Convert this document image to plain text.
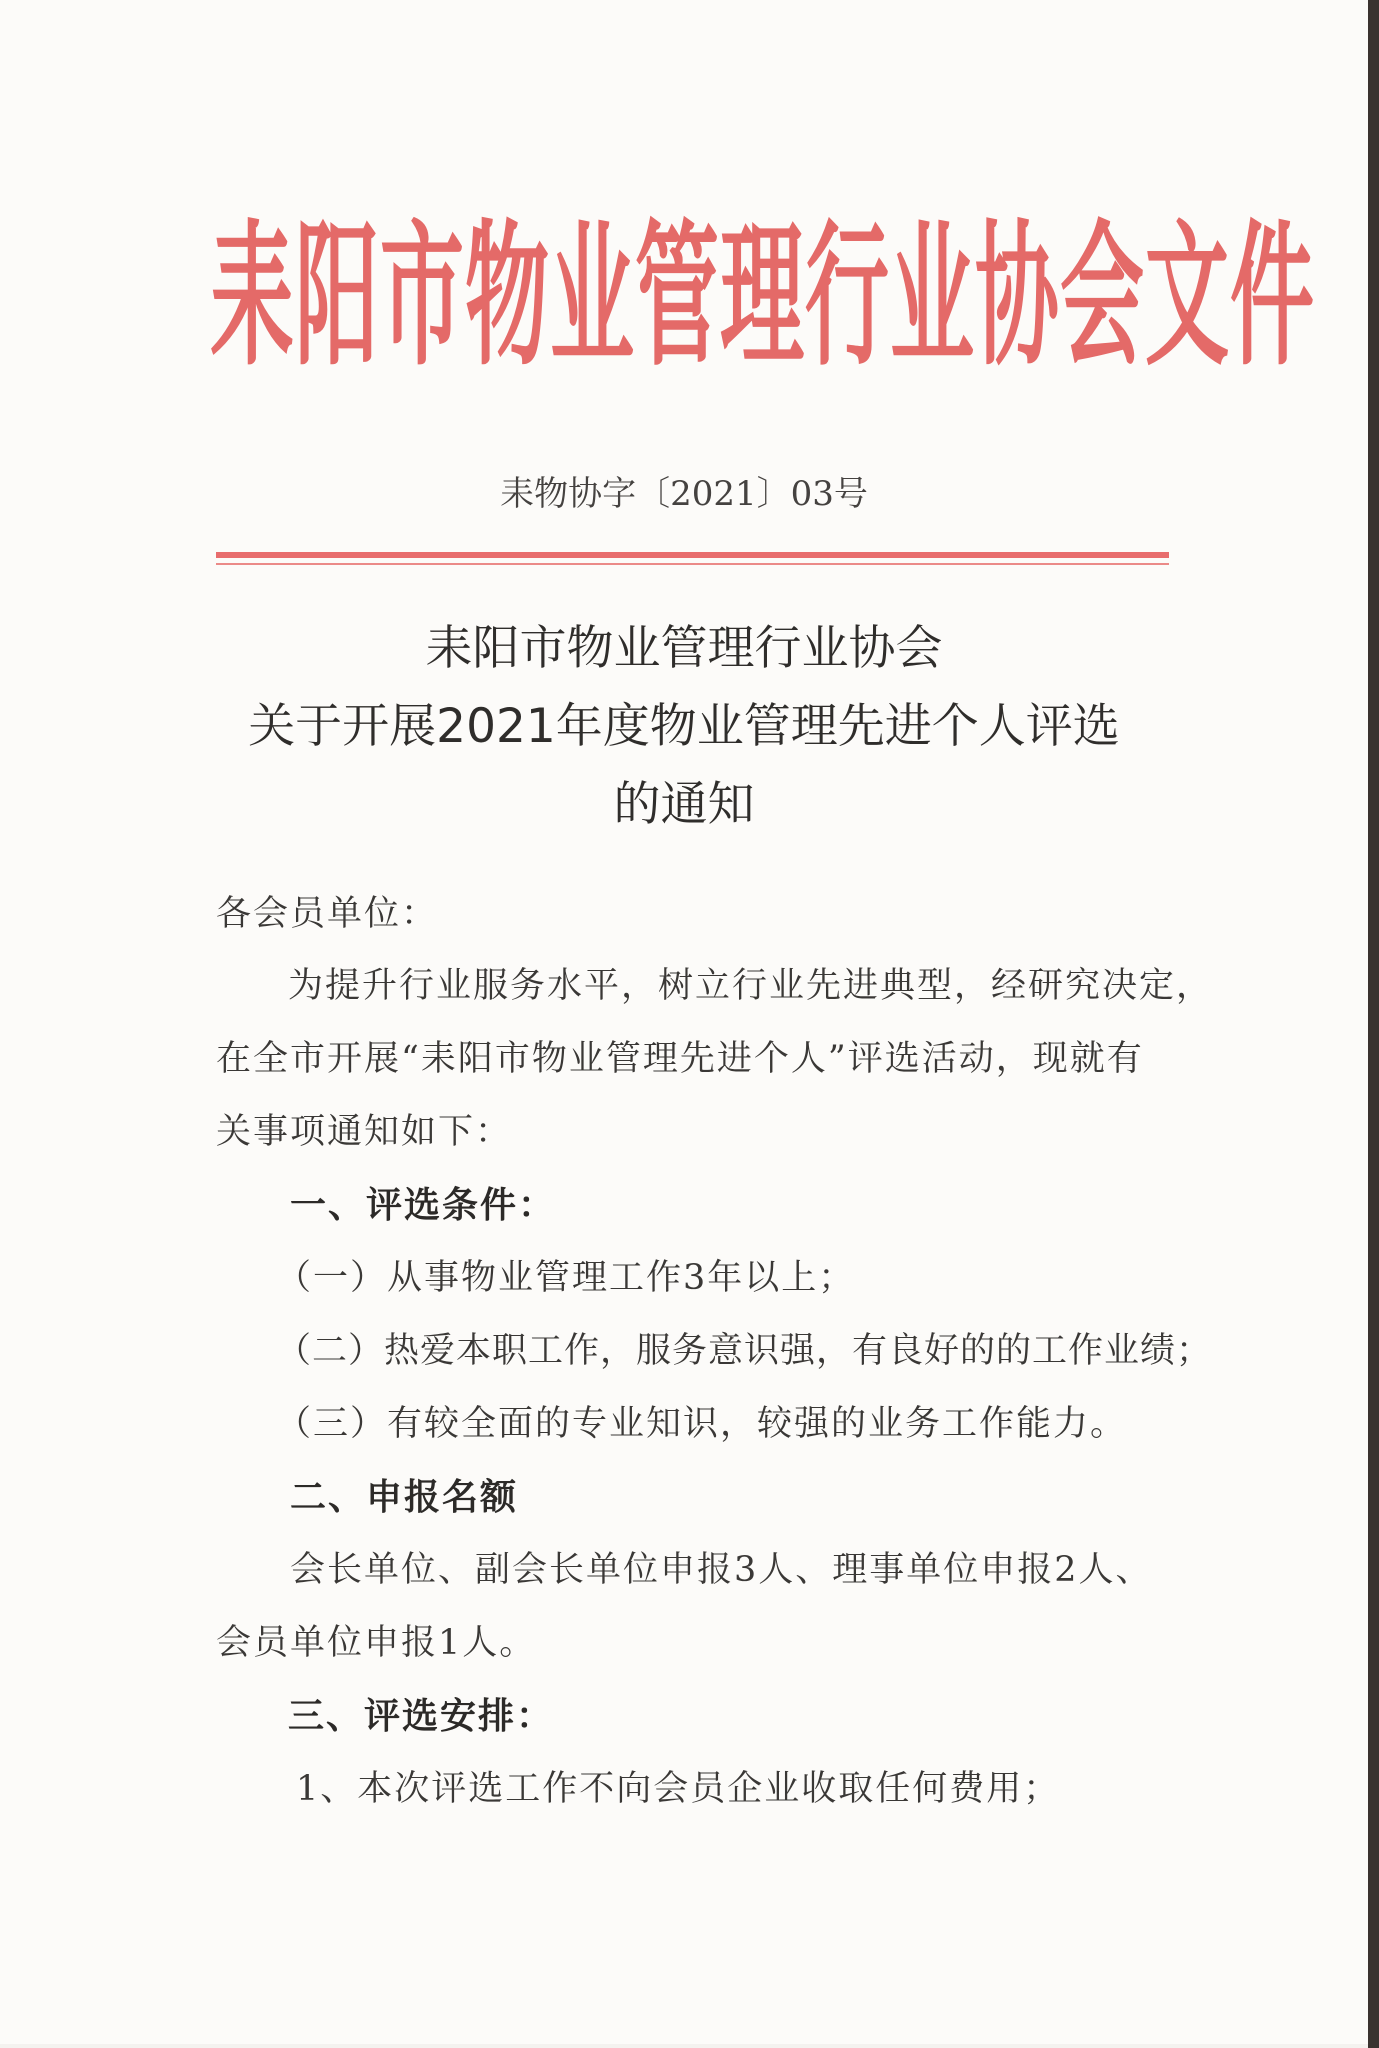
耒阳市物业管理行业协会文件
耒物协字〔2021〕03号
耒阳市物业管理行业协会
关于开展2021年度物业管理先进个人评选
的通知
各会员单位：
为提升行业服务水平，树立行业先进典型，经研究决定，
在全市开展“耒阳市物业管理先进个人”评选活动，现就有
关事项通知如下：
一、评选条件：
（一）从事物业管理工作3年以上；
（二）热爱本职工作，服务意识强，有良好的的工作业绩；
（三）有较全面的专业知识，较强的业务工作能力。
二、申报名额
会长单位、副会长单位申报3人、理事单位申报2人、
会员单位申报1人。
三、评选安排：
1、本次评选工作不向会员企业收取任何费用；
